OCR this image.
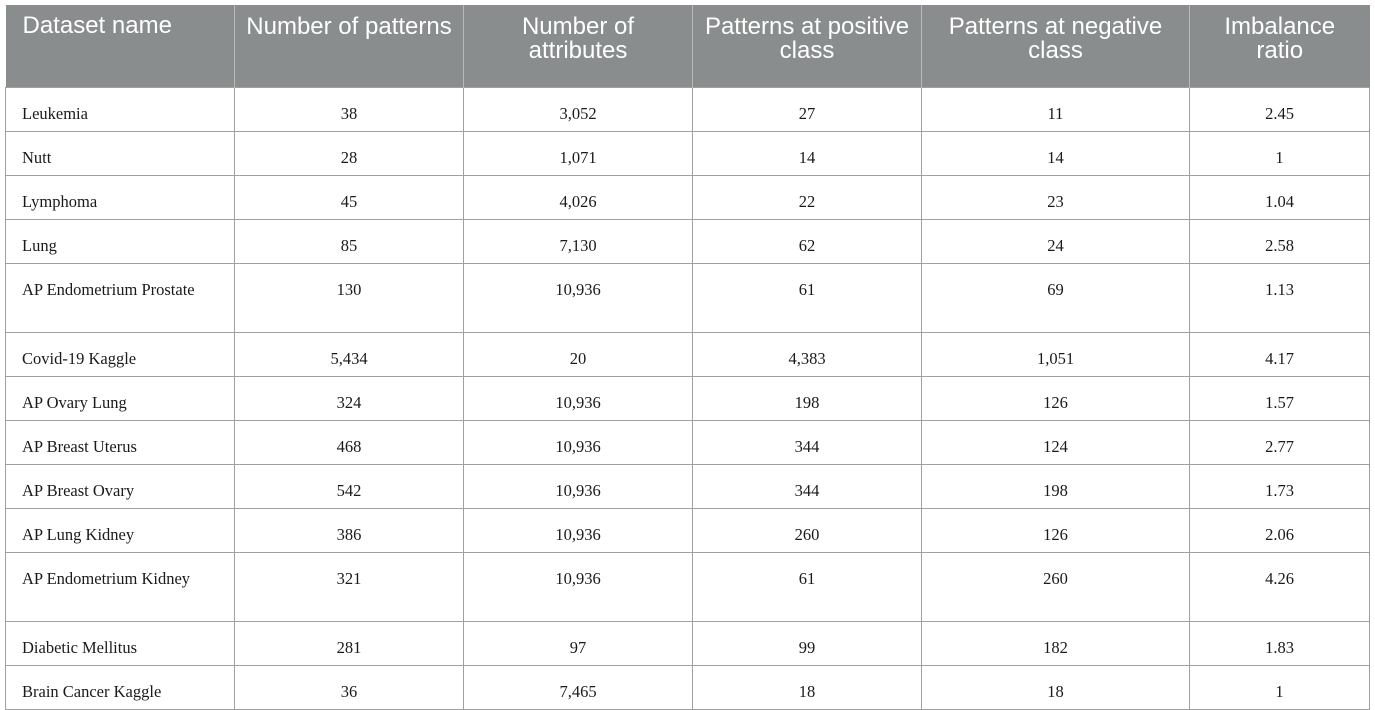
Dataset name	Number of patterns	Number of attributes	Patterns at positive class	Patterns at negative class	Imbalance ratio
Leukemia	38	3,052	27	11	2.45
Nutt	28	1,071	14	14	1
Lymphoma	45	4,026	22	23	1.04
Lung	85	7,130	62	24	2.58
AP Endometrium Prostate	130	10,936	61	69	1.13
Covid-19 Kaggle	5,434	20	4,383	1,051	4.17
AP Ovary Lung	324	10,936	198	126	1.57
AP Breast Uterus	468	10,936	344	124	2.77
AP Breast Ovary	542	10,936	344	198	1.73
AP Lung Kidney	386	10,936	260	126	2.06
AP Endometrium Kidney	321	10,936	61	260	4.26
Diabetic Mellitus	281	97	99	182	1.83
Brain Cancer Kaggle	36	7,465	18	18	1
